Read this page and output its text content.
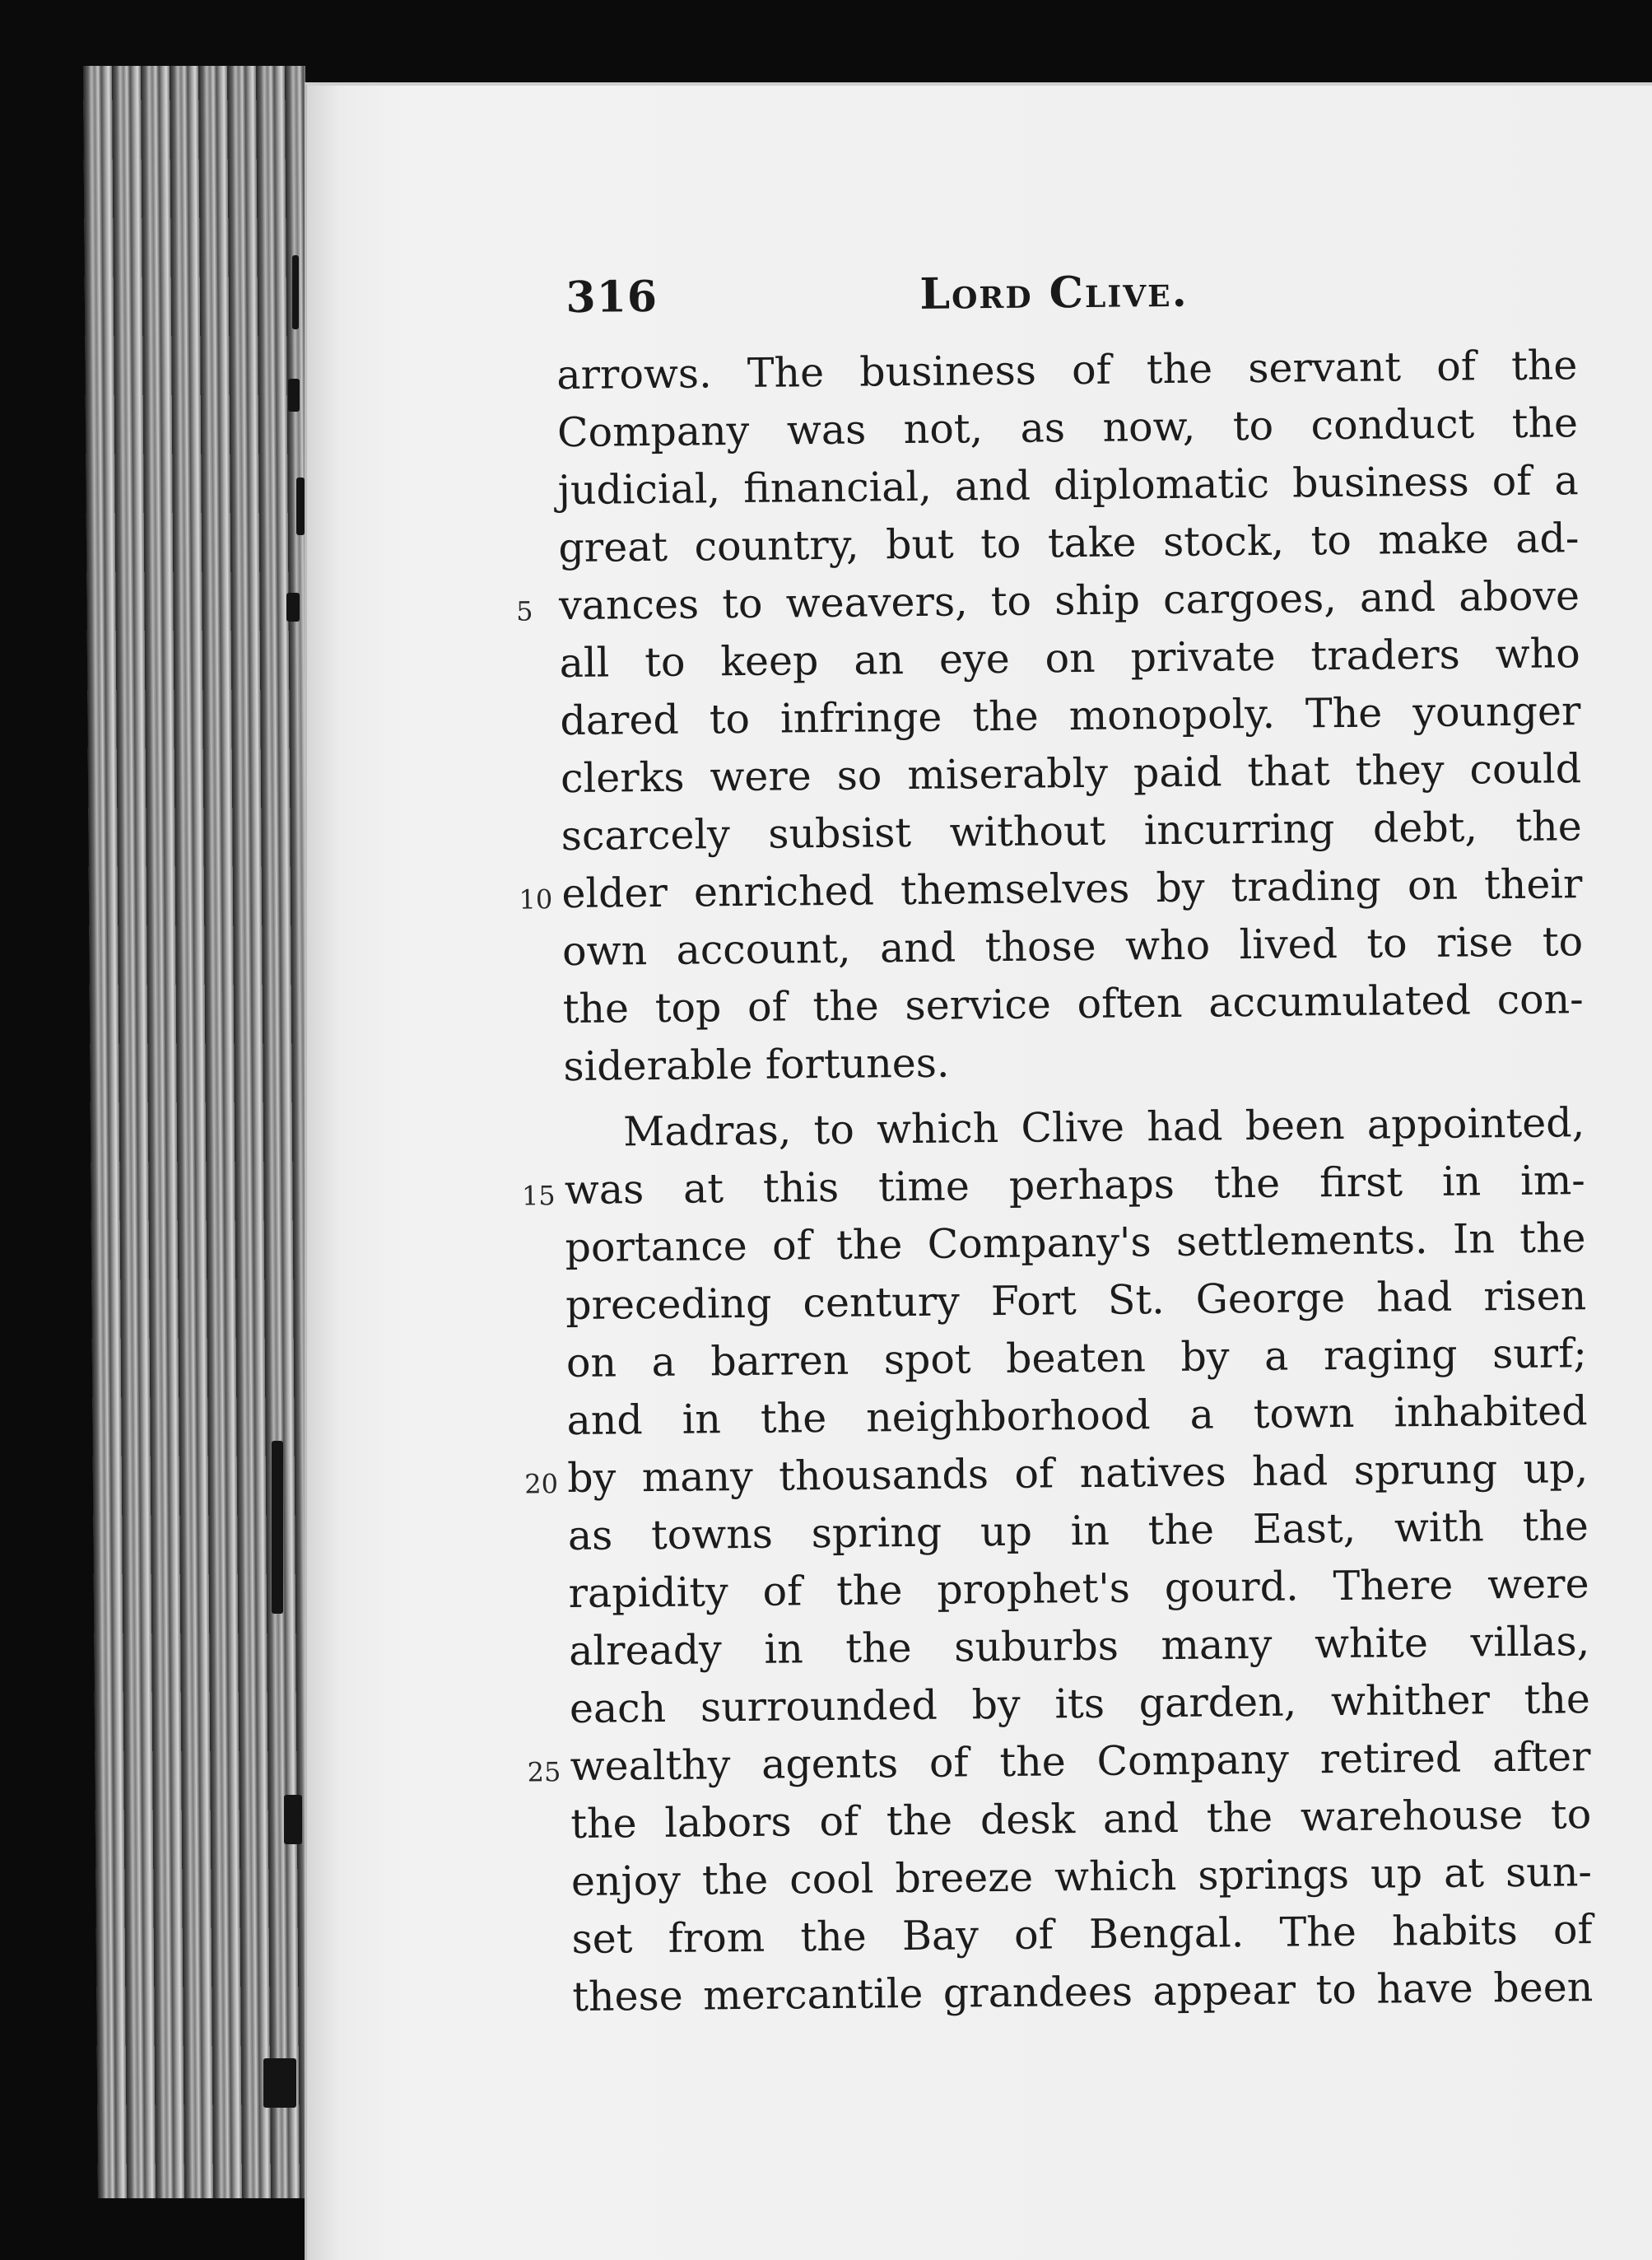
316	Lord Clive.
arrows. The business of the servant of the
Company was not, as now, to conduct the
judicial, financial, and diplomatic business of a
great country, but to take stock, to make ad-
5 vances to weavers, to ship cargoes, and above
all to keep an eye on private traders who
dared to infringe the monopoly. The younger
clerks were so miserably paid that they could
scarcely subsist without incurring debt, the
10 elder enriched themselves by trading on their
own account, and those who lived to rise to
the top of the service often accumulated con-
siderable fortunes.
Madras, to which Clive had been appointed,
15 was at this time perhaps the first in im-
portance of the Company's settlements. In the
preceding century Fort St. George had risen
on a barren spot beaten by a raging surf;
and in the neighborhood a town inhabited
20 by many thousands of natives had sprung up,
as towns spring up in the East, with the
rapidity of the prophet's gourd. There were
already in the suburbs many white villas,
each surrounded by its garden, whither the
25 wealthy agents of the Company retired after
the labors of the desk and the warehouse to
enjoy the cool breeze which springs up at sun-
set from the Bay of Bengal. The habits of
these mercantile grandees appear to have been
